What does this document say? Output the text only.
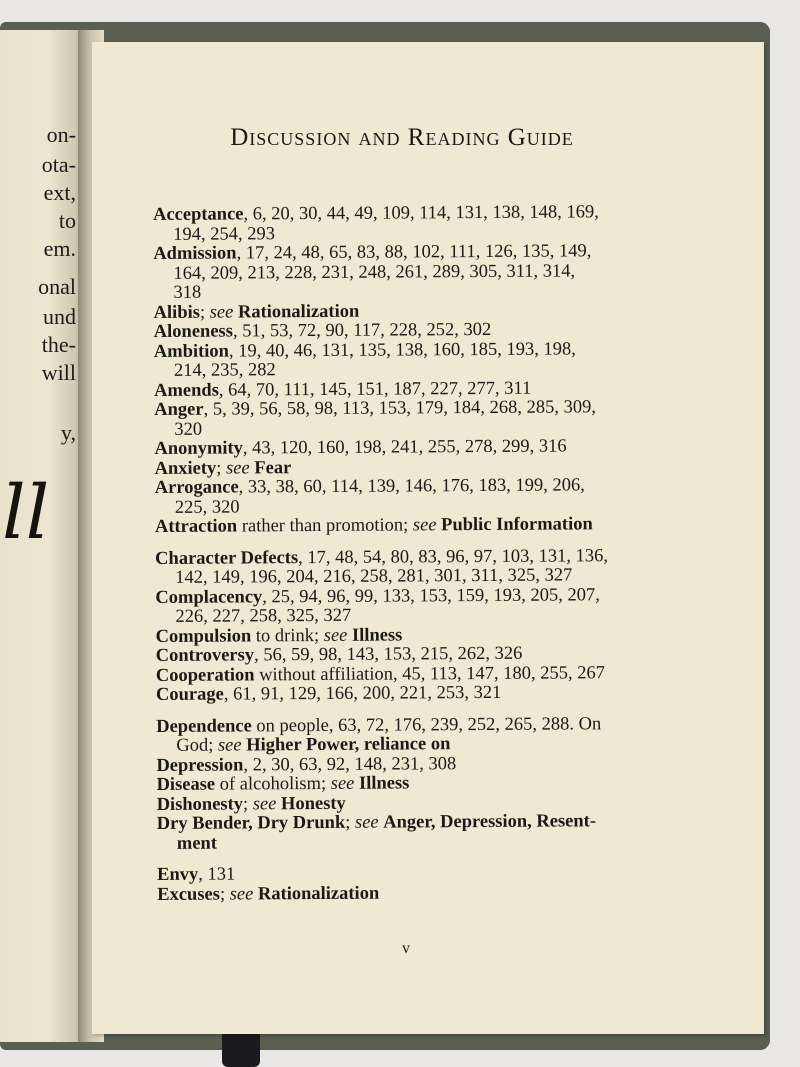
on-
ota-
ext,
to
em.
onal
und
the-
will
y,
ll
Discussion and Reading Guide
Acceptance, 6, 20, 30, 44, 49, 109, 114, 131, 138, 148, 169,
194, 254, 293
Admission, 17, 24, 48, 65, 83, 88, 102, 111, 126, 135, 149,
164, 209, 213, 228, 231, 248, 261, 289, 305, 311, 314,
318
Alibis; see Rationalization
Aloneness, 51, 53, 72, 90, 117, 228, 252, 302
Ambition, 19, 40, 46, 131, 135, 138, 160, 185, 193, 198,
214, 235, 282
Amends, 64, 70, 111, 145, 151, 187, 227, 277, 311
Anger, 5, 39, 56, 58, 98, 113, 153, 179, 184, 268, 285, 309,
320
Anonymity, 43, 120, 160, 198, 241, 255, 278, 299, 316
Anxiety; see Fear
Arrogance, 33, 38, 60, 114, 139, 146, 176, 183, 199, 206,
225, 320
Attraction rather than promotion; see Public Information
Character Defects, 17, 48, 54, 80, 83, 96, 97, 103, 131, 136,
142, 149, 196, 204, 216, 258, 281, 301, 311, 325, 327
Complacency, 25, 94, 96, 99, 133, 153, 159, 193, 205, 207,
226, 227, 258, 325, 327
Compulsion to drink; see Illness
Controversy, 56, 59, 98, 143, 153, 215, 262, 326
Cooperation without affiliation, 45, 113, 147, 180, 255, 267
Courage, 61, 91, 129, 166, 200, 221, 253, 321
Dependence on people, 63, 72, 176, 239, 252, 265, 288. On
God; see Higher Power, reliance on
Depression, 2, 30, 63, 92, 148, 231, 308
Disease of alcoholism; see Illness
Dishonesty; see Honesty
Dry Bender, Dry Drunk; see Anger, Depression, Resent-
ment
Envy, 131
Excuses; see Rationalization
v
